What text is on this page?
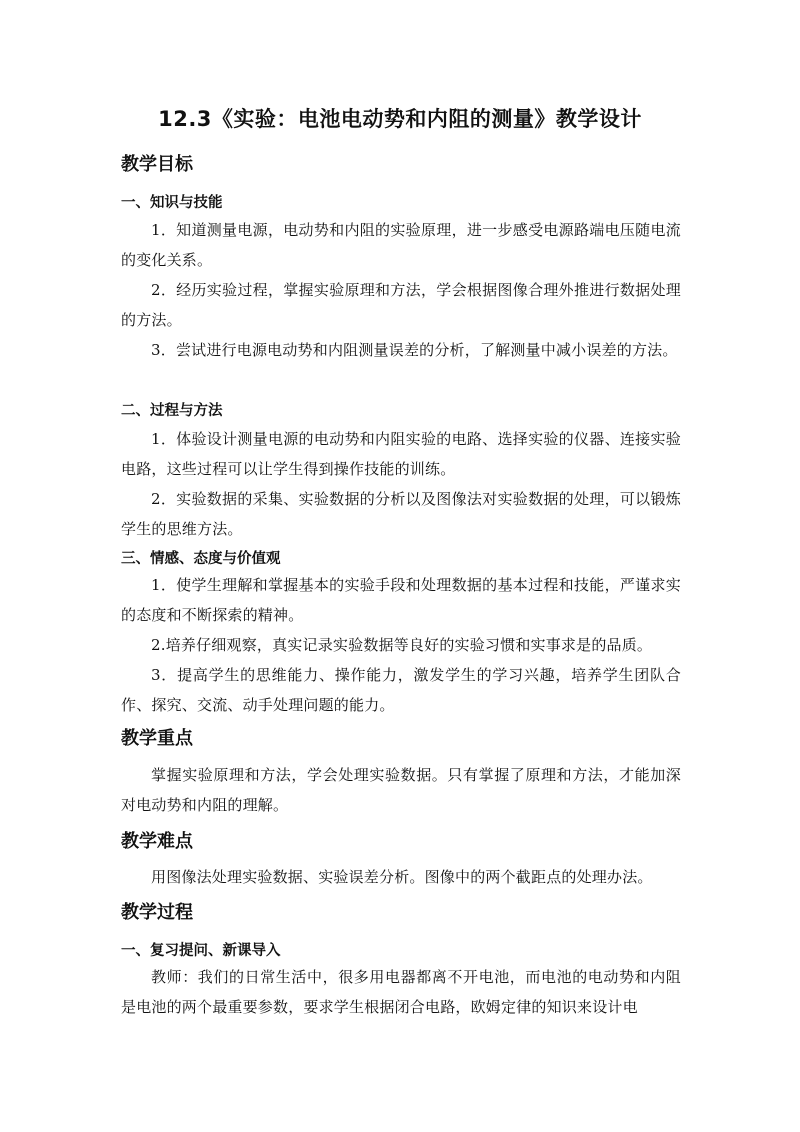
12.3《实验：电池电动势和内阻的测量》教学设计
教学目标
一、知识与技能

1．知道测量电源，电动势和内阻的实验原理，进一步感受电源路端电压随电流的变化关系。

2．经历实验过程，掌握实验原理和方法，学会根据图像合理外推进行数据处理的方法。

3．尝试进行电源电动势和内阻测量误差的分析，了解测量中减小误差的方法。

二、过程与方法

1．体验设计测量电源的电动势和内阻实验的电路、选择实验的仪器、连接实验电路，这些过程可以让学生得到操作技能的训练。

2．实验数据的采集、实验数据的分析以及图像法对实验数据的处理，可以锻炼学生的思维方法。

三、情感、态度与价值观

1．使学生理解和掌握基本的实验手段和处理数据的基本过程和技能，严谨求实的态度和不断探索的精神。

2.培养仔细观察，真实记录实验数据等良好的实验习惯和实事求是的品质。

3．提高学生的思维能力、操作能力，激发学生的学习兴趣，培养学生团队合作、探究、交流、动手处理问题的能力。

教学重点

掌握实验原理和方法，学会处理实验数据。只有掌握了原理和方法，才能加深对电动势和内阻的理解。

教学难点

用图像法处理实验数据、实验误差分析。图像中的两个截距点的处理办法。

教学过程
一、复习提问、新课导入

教师：我们的日常生活中，很多用电器都离不开电池，而电池的电动势和内阻是电池的两个最重要参数，要求学生根据闭合电路，欧姆定律的知识来设计电
